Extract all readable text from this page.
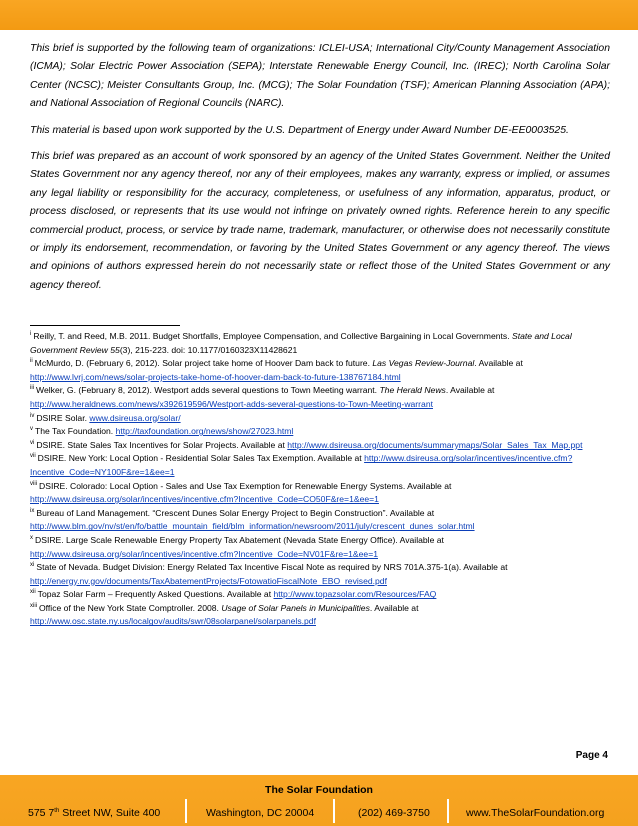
This brief is supported by the following team of organizations: ICLEI-USA; International City/County Management Association (ICMA); Solar Electric Power Association (SEPA); Interstate Renewable Energy Council, Inc. (IREC); North Carolina Solar Center (NCSC); Meister Consultants Group, Inc. (MCG); The Solar Foundation (TSF); American Planning Association (APA); and National Association of Regional Councils (NARC).

This material is based upon work supported by the U.S. Department of Energy under Award Number DE-EE0003525.

This brief was prepared as an account of work sponsored by an agency of the United States Government. Neither the United States Government nor any agency thereof, nor any of their employees, makes any warranty, express or implied, or assumes any legal liability or responsibility for the accuracy, completeness, or usefulness of any information, apparatus, product, or process disclosed, or represents that its use would not infringe on privately owned rights. Reference herein to any specific commercial product, process, or service by trade name, trademark, manufacturer, or otherwise does not necessarily constitute or imply its endorsement, recommendation, or favoring by the United States Government or any agency thereof. The views and opinions of authors expressed herein do not necessarily state or reflect those of the United States Government or any agency thereof.

$^i$ Reilly, T. and Reed, M.B. 2011. Budget Shortfalls, Employee Compensation, and Collective Bargaining in Local Governments. State and Local Government Review 55(3), 215-223. doi: 10.1177/0160323X11428621

$^{ii}$ McMurdo, D. (February 6, 2012). Solar project take home of Hoover Dam back to future. Las Vegas Review-Journal. Available at http://www.lvrj.com/news/solar-projects-take-home-of-hoover-dam-back-to-future-138767184.html

$^{iii}$ Welker, G. (February 8, 2012). Westport adds several questions to Town Meeting warrant. The Herald News. Available at http://www.heraldnews.com/news/x392619596/Westport-adds-several-questions-to-Town-Meeting-warrant

$^{iv}$ DSIRE Solar. www.dsireusa.org/solar/

$^v$ The Tax Foundation. http://taxfoundation.org/news/show/27023.html

$^{vi}$ DSIRE. State Sales Tax Incentives for Solar Projects. Available at http://www.dsireusa.org/documents/summarymaps/Solar_Sales_Tax_Map.ppt

$^{vii}$ DSIRE. New York: Local Option - Residential Solar Sales Tax Exemption. Available at http://www.dsireusa.org/solar/incentives/incentive.cfm?Incentive_Code=NY100F&re=1&ee=1

$^{viii}$ DSIRE. Colorado: Local Option - Sales and Use Tax Exemption for Renewable Energy Systems. Available at http://www.dsireusa.org/solar/incentives/incentive.cfm?Incentive_Code=CO50F&re=1&ee=1

$^{ix}$ Bureau of Land Management. “Crescent Dunes Solar Energy Project to Begin Construction”. Available at http://www.blm.gov/nv/st/en/fo/battle_mountain_field/blm_information/newsroom/2011/july/crescent_dunes_solar.html

$^x$ DSIRE. Large Scale Renewable Energy Property Tax Abatement (Nevada State Energy Office). Available at http://www.dsireusa.org/solar/incentives/incentive.cfm?Incentive_Code=NV01F&re=1&ee=1

$^{xi}$ State of Nevada. Budget Division: Energy Related Tax Incentive Fiscal Note as required by NRS 701A.375-1(a). Available at http://energy.nv.gov/documents/TaxAbatementProjects/FotowatioFiscalNote_EBO_revised.pdf

$^{xii}$ Topaz Solar Farm – Frequently Asked Questions. Available at http://www.topazsolar.com/Resources/FAQ

$^{xiii}$ Office of the New York State Comptroller. 2008. Usage of Solar Panels in Municipalities. Available at http://www.osc.state.ny.us/localgov/audits/swr/08solarpanel/solarpanels.pdf

Page 4
The Solar Foundation
575 7th Street NW, Suite 400	Washington, DC 20004	(202) 469-3750	www.TheSolarFoundation.org
